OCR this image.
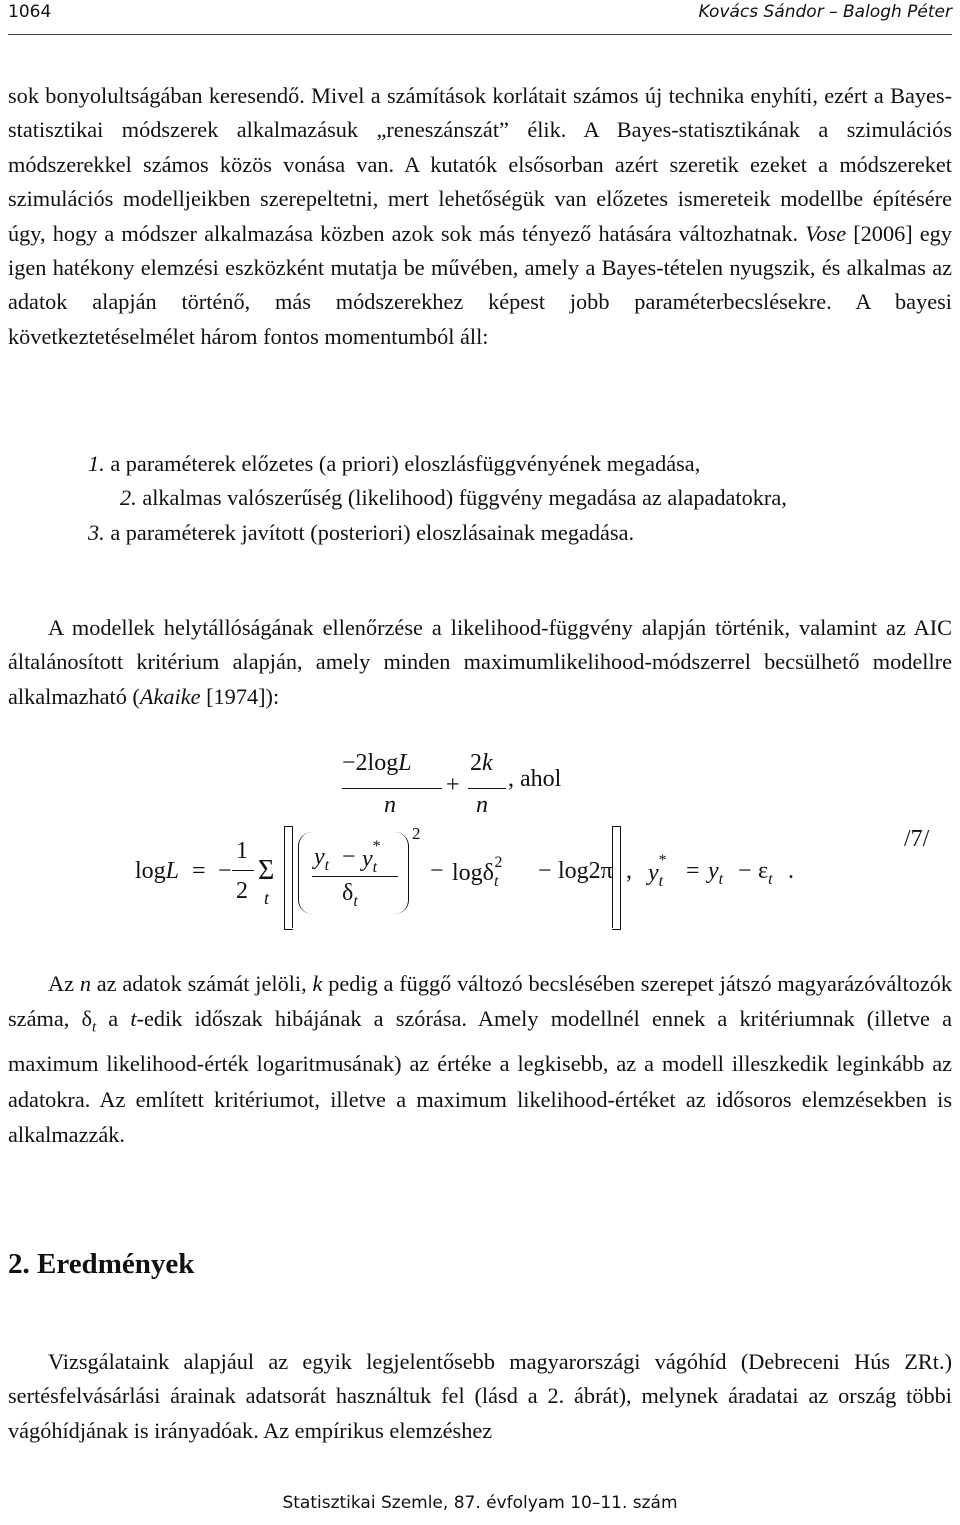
1064	Kovács Sándor – Balogh Péter

sok bonyolultságában keresendő. Mivel a számítások korlátait számos új technika enyhíti, ezért a Bayes-statisztikai módszerek alkalmazásuk „reneszánszát” élik. A Bayes-statisztikának a szimulációs módszerekkel számos közös vonása van. A kutatók elsősorban azért szeretik ezeket a módszereket szimulációs modelljeikben szerepeltetni, mert lehetőségük van előzetes ismereteik modellbe építésére úgy, hogy a módszer alkalmazása közben azok sok más tényező hatására változhatnak. Vose [2006] egy igen hatékony elemzési eszközként mutatja be művében, amely a Bayes-tételen nyugszik, és alkalmas az adatok alapján történő, más módszerekhez képest jobb paraméterbecslésekre. A bayesi következtetéselmélet három fontos momentumból áll:

1. a paraméterek előzetes (a priori) eloszlásfüggvényének megadása,

2. alkalmas valószerűség (likelihood) függvény megadása az alapadatokra,

3. a paraméterek javított (posteriori) eloszlásainak megadása.

A modellek helytállóságának ellenőrzése a likelihood-függvény alapján történik, valamint az AIC általánosított kritérium alapján, amely minden maximumlikelihood-módszerrel becsülhető modellre alkalmazható (Akaike [1974]):

−2logL
n
+
2k
n
, ahol
logL = −
1
2
Σ
t
$y_t - y^*_t$
$\delta_t$
2
− logδ$_t^2$ − log2π , $y^*_t = y_t - \varepsilon_t$ .
/7/

Az n az adatok számát jelöli, k pedig a függő változó becslésében szerepet játszó magyarázóváltozók száma, $\delta_t$ a t-edik időszak hibájának a szórása. Amely modellnél ennek a kritériumnak (illetve a maximum likelihood-érték logaritmusának) az értéke a legkisebb, az a modell illeszkedik leginkább az adatokra. Az említett kritériumot, illetve a maximum likelihood-értéket az idősoros elemzésekben is alkalmazzák.

2. Eredmények

Vizsgálataink alapjául az egyik legjelentősebb magyarországi vágóhíd (Debreceni Hús ZRt.) sertésfelvásárlási árainak adatsorát használtuk fel (lásd a 2. ábrát), melynek áradatai az ország többi vágóhídjának is irányadóak. Az empírikus elemzéshez

Statisztikai Szemle, 87. évfolyam 10–11. szám
